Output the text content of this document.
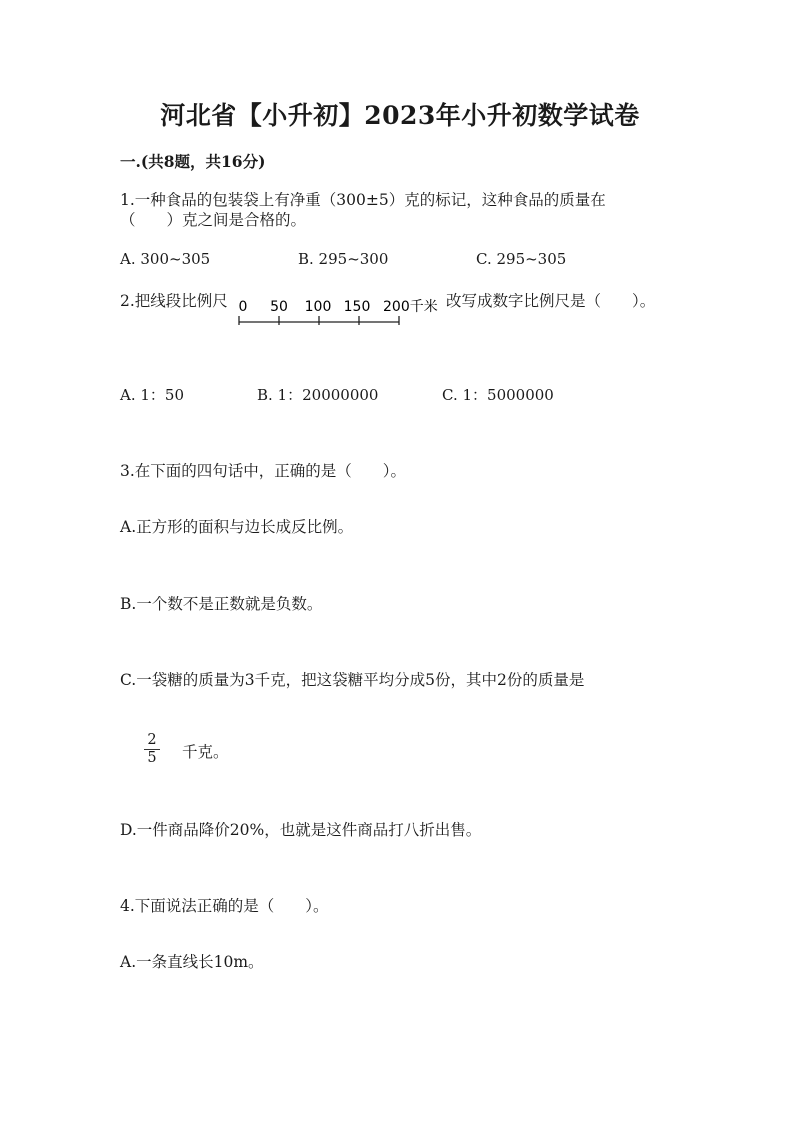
河北省【小升初】2023年小升初数学试卷
一.(共8题，共16分)
1.一种食品的包装袋上有净重（300±5）克的标记，这种食品的质量在
（　　）克之间是合格的。
A. 300~305	B. 295~300	C. 295~305
2.把线段比例尺 0 50 100 150 200千米 改写成数字比例尺是（　　）。
A. 1：50	B. 1：20000000	C. 1：5000000
3.在下面的四句话中，正确的是（　　）。
A.正方形的面积与边长成反比例。
B.一个数不是正数就是负数。
C.一袋糖的质量为3千克，把这袋糖平均分成5份，其中2份的质量是
2
5 千克。
D.一件商品降价20%，也就是这件商品打八折出售。
4.下面说法正确的是（　　）。
A.一条直线长10m。
